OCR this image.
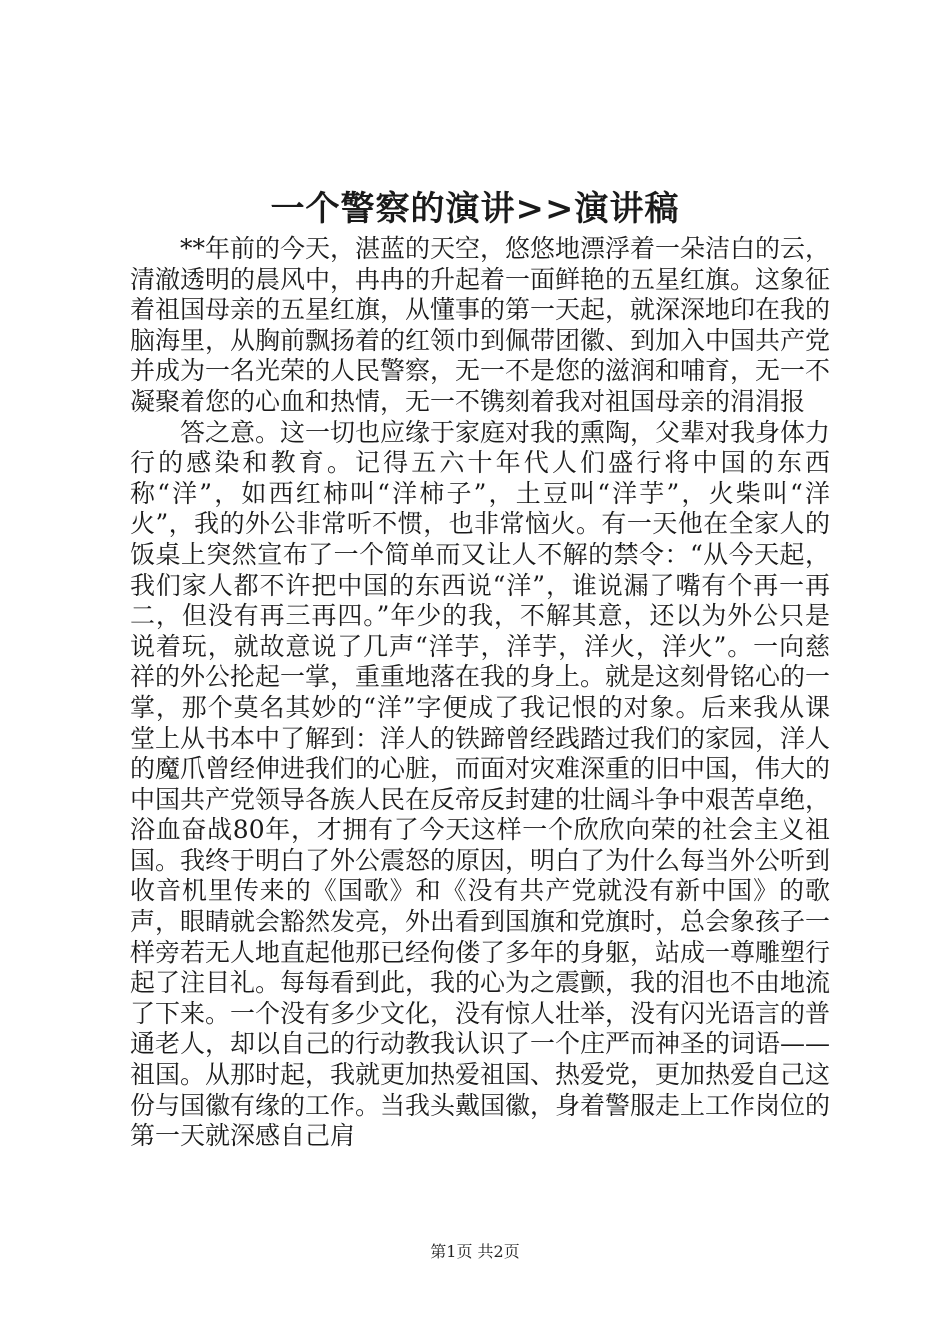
一个警察的演讲>>演讲稿

**年前的今天，湛蓝的天空，悠悠地漂浮着一朵洁白的云，清澈透明的晨风中，冉冉的升起着一面鲜艳的五星红旗。这象征着祖国母亲的五星红旗，从懂事的第一天起，就深深地印在我的脑海里，从胸前飘扬着的红领巾到佩带团徽、到加入中国共产党并成为一名光荣的人民警察，无一不是您的滋润和哺育，无一不凝聚着您的心血和热情，无一不镌刻着我对祖国母亲的涓涓报

答之意。这一切也应缘于家庭对我的熏陶，父辈对我身体力行的感染和教育。记得五六十年代人们盛行将中国的东西称“洋”，如西红柿叫“洋柿子”，土豆叫“洋芋”，火柴叫“洋火”，我的外公非常听不惯，也非常恼火。有一天他在全家人的饭桌上突然宣布了一个简单而又让人不解的禁令：“从今天起，我们家人都不许把中国的东西说“洋”，谁说漏了嘴有个再一再二，但没有再三再四。”年少的我，不解其意，还以为外公只是说着玩，就故意说了几声“洋芋，洋芋，洋火，洋火”。一向慈祥的外公抡起一掌，重重地落在我的身上。就是这刻骨铭心的一掌，那个莫名其妙的“洋”字便成了我记恨的对象。后来我从课堂上从书本中了解到：洋人的铁蹄曾经践踏过我们的家园，洋人的魔爪曾经伸进我们的心脏，而面对灾难深重的旧中国，伟大的中国共产党领导各族人民在反帝反封建的壮阔斗争中艰苦卓绝，浴血奋战80年，才拥有了今天这样一个欣欣向荣的社会主义祖国。我终于明白了外公震怒的原因，明白了为什么每当外公听到收音机里传来的《国歌》和《没有共产党就没有新中国》的歌声，眼睛就会豁然发亮，外出看到国旗和党旗时，总会象孩子一样旁若无人地直起他那已经佝偻了多年的身躯，站成一尊雕塑行起了注目礼。每每看到此，我的心为之震颤，我的泪也不由地流了下来。一个没有多少文化，没有惊人壮举，没有闪光语言的普通老人，却以自己的行动教我认识了一个庄严而神圣的词语——祖国。从那时起，我就更加热爱祖国、热爱党，更加热爱自己这份与国徽有缘的工作。当我头戴国徽，身着警服走上工作岗位的第一天就深感自己肩

第1页 共2页
